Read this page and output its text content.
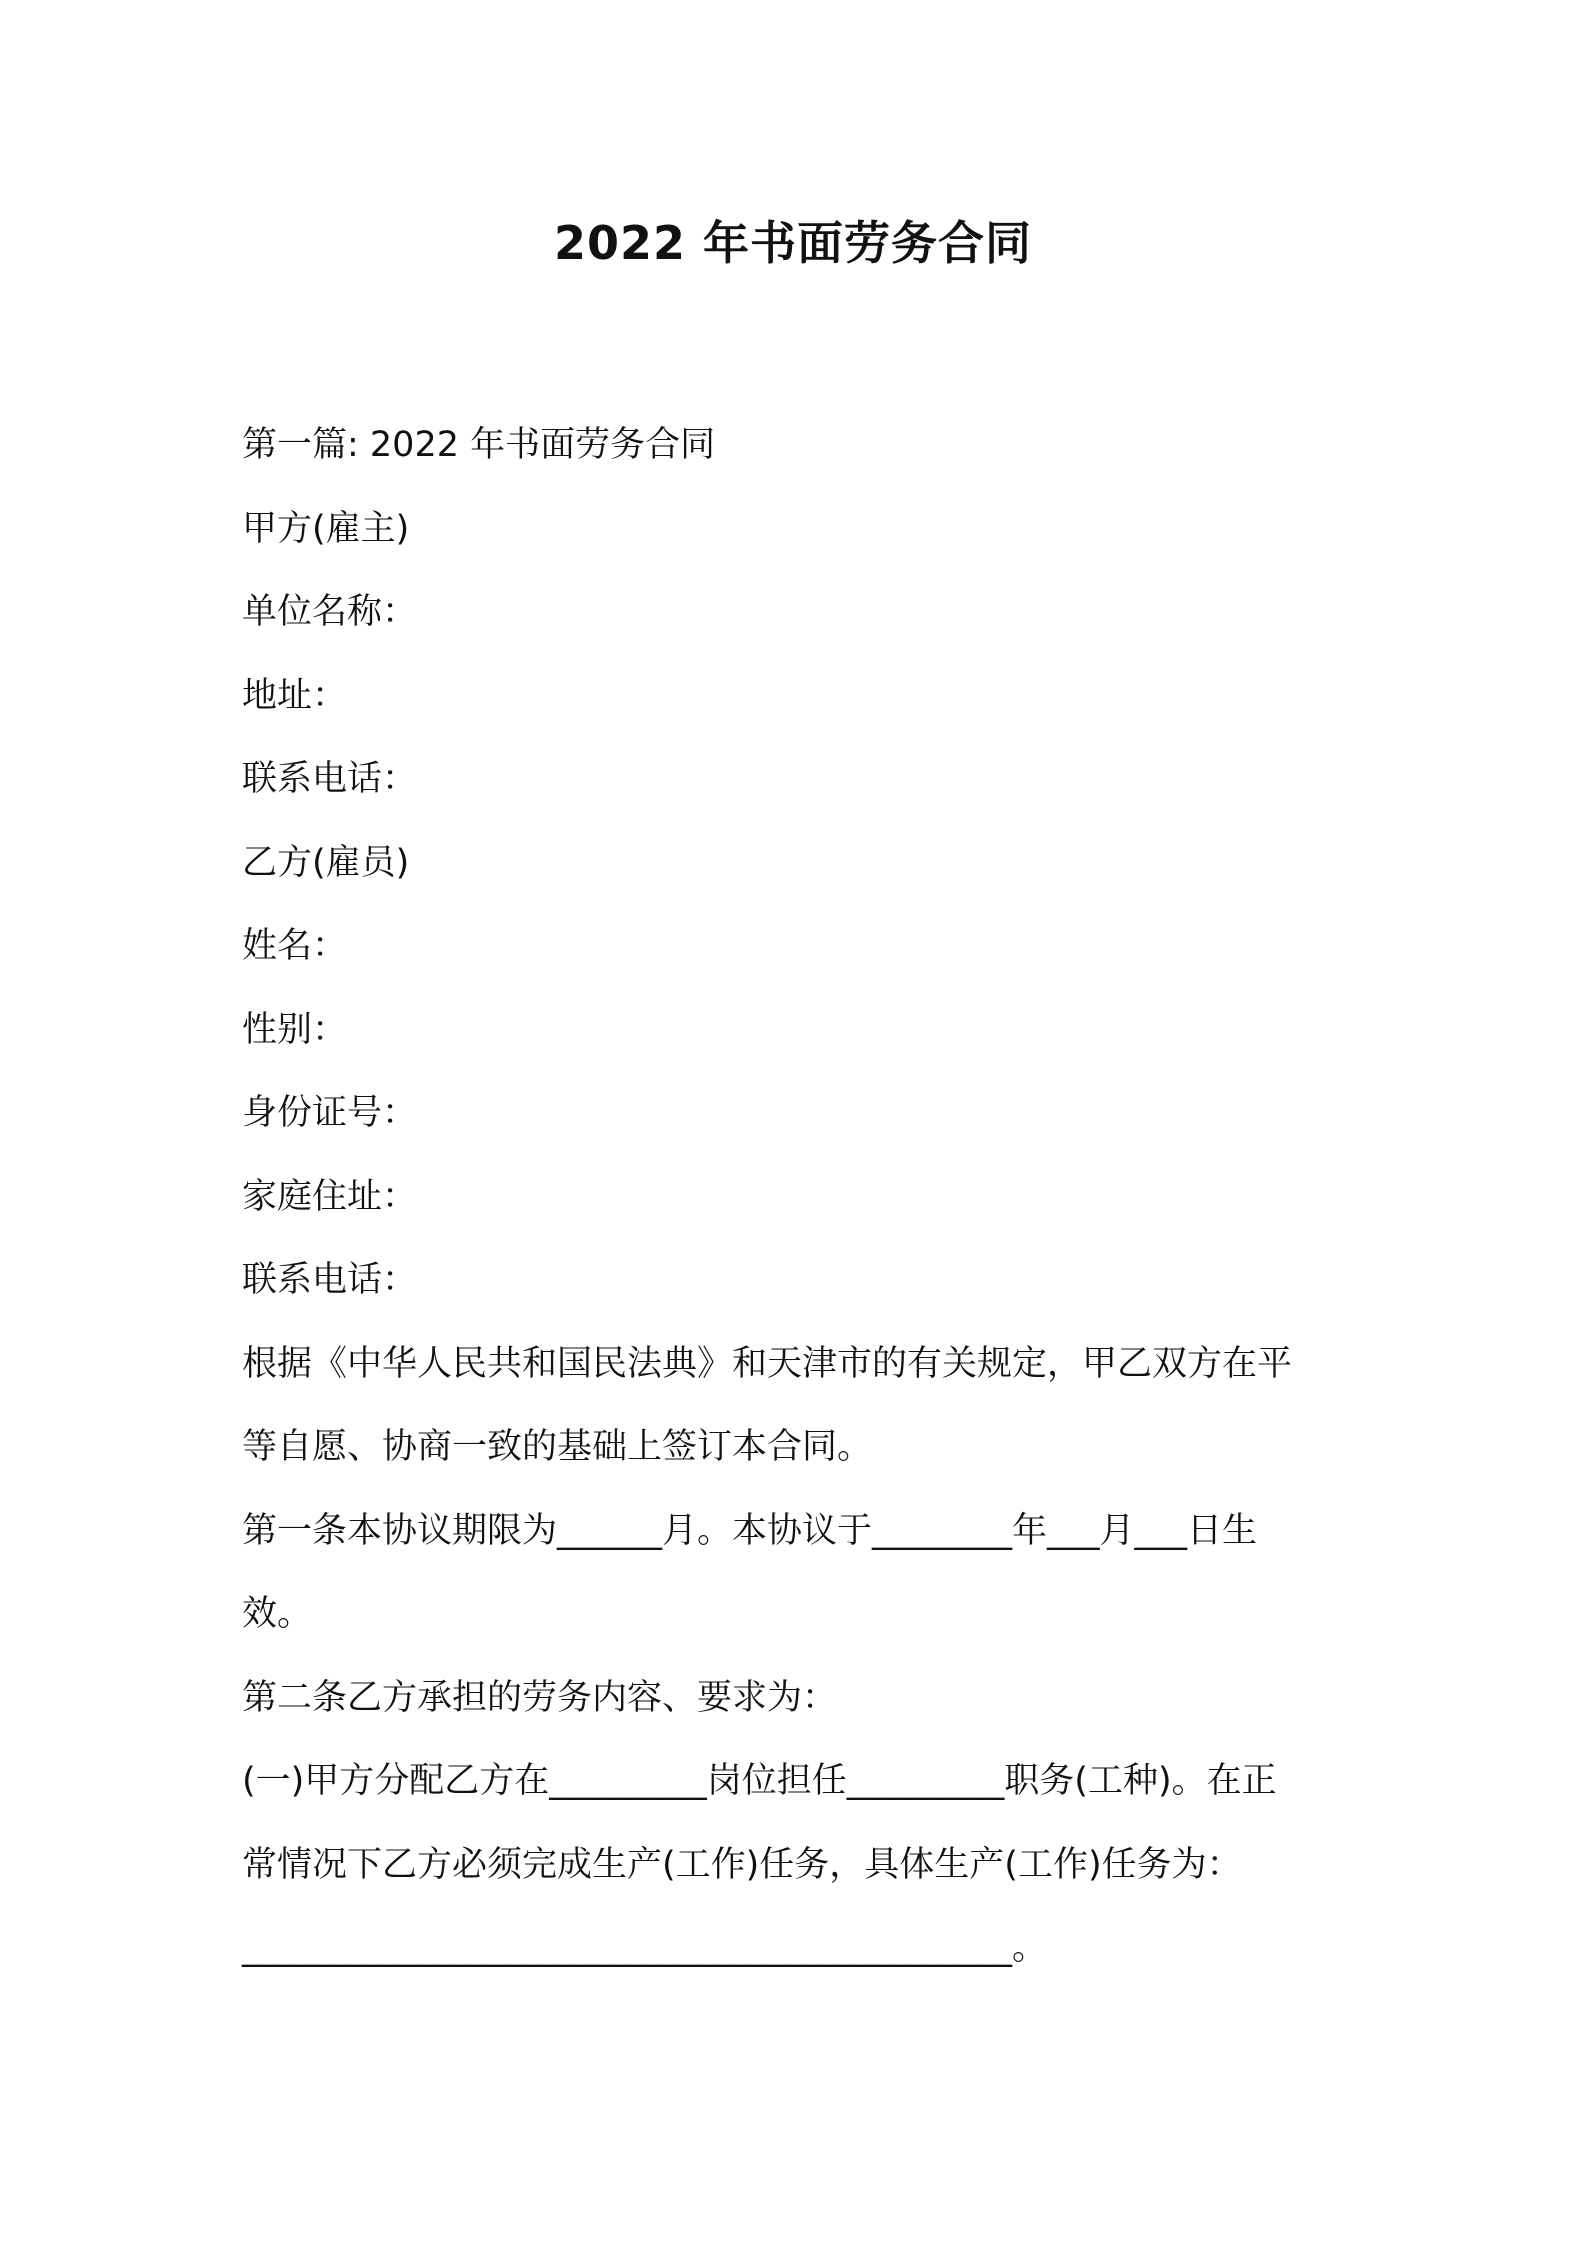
2022 年书面劳务合同
第一篇: 2022 年书面劳务合同
甲方(雇主)
单位名称：
地址：
联系电话：
乙方(雇员)
姓名：
性别：
身份证号：
家庭住址：
联系电话：
根据《中华人民共和国民法典》和天津市的有关规定，甲乙双方在平
等自愿、协商一致的基础上签订本合同。
第一条本协议期限为______月。本协议于________年___月___日生
效。
第二条乙方承担的劳务内容、要求为：
(一)甲方分配乙方在_________岗位担任_________职务(工种)。在正
常情况下乙方必须完成生产(工作)任务，具体生产(工作)任务为：
____________________________________________。
